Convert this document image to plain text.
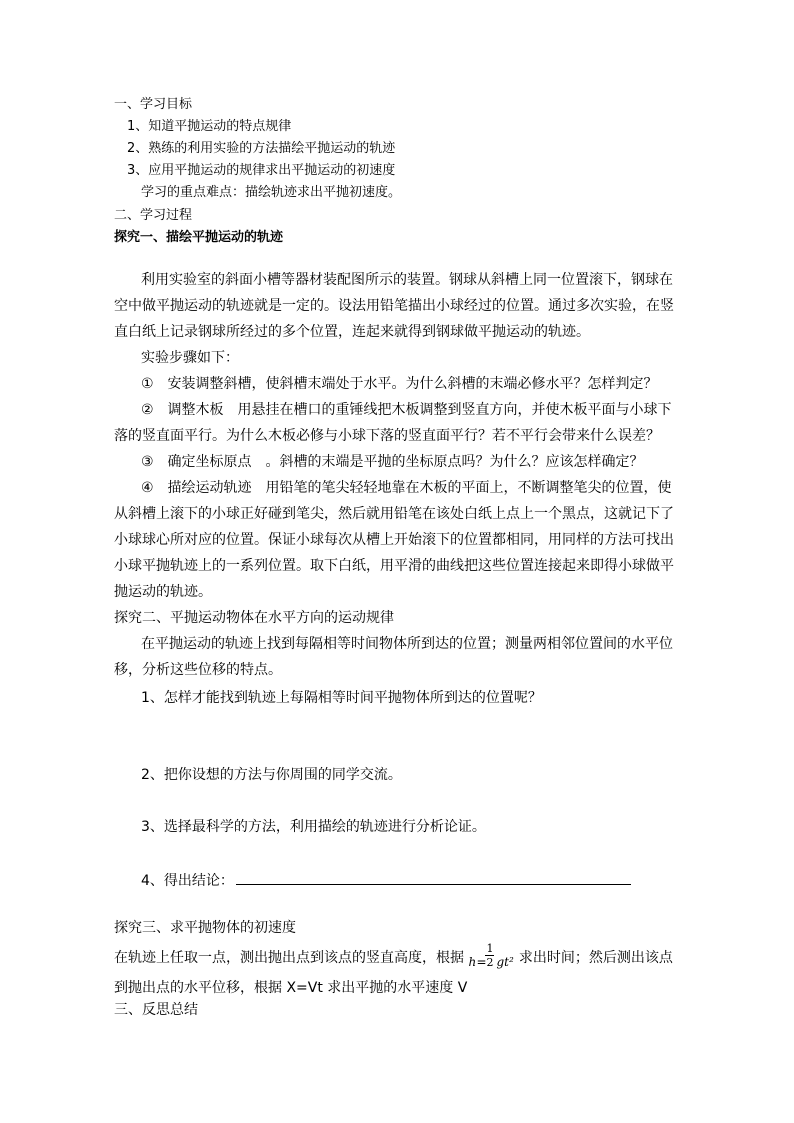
一、学习目标
1、知道平抛运动的特点规律
2、熟练的利用实验的方法描绘平抛运动的轨迹
3、应用平抛运动的规律求出平抛运动的初速度
学习的重点难点：描绘轨迹求出平抛初速度。
二、学习过程
探究一、描绘平抛运动的轨迹
利用实验室的斜面小槽等器材装配图所示的装置。钢球从斜槽上同一位置滚下，钢球在
空中做平抛运动的轨迹就是一定的。设法用铅笔描出小球经过的位置。通过多次实验，在竖
直白纸上记录钢球所经过的多个位置，连起来就得到钢球做平抛运动的轨迹。
实验步骤如下：
①　安装调整斜槽，使斜槽末端处于水平。为什么斜槽的末端必修水平？怎样判定？
②　调整木板　用悬挂在槽口的重锤线把木板调整到竖直方向，并使木板平面与小球下
落的竖直面平行。为什么木板必修与小球下落的竖直面平行？若不平行会带来什么误差？
③　确定坐标原点　。斜槽的末端是平抛的坐标原点吗？为什么？应该怎样确定？
④　描绘运动轨迹　用铅笔的笔尖轻轻地靠在木板的平面上，不断调整笔尖的位置，使
从斜槽上滚下的小球正好碰到笔尖，然后就用铅笔在该处白纸上点上一个黑点，这就记下了
小球球心所对应的位置。保证小球每次从槽上开始滚下的位置都相同，用同样的方法可找出
小球平抛轨迹上的一系列位置。取下白纸，用平滑的曲线把这些位置连接起来即得小球做平
抛运动的轨迹。
探究二、平抛运动物体在水平方向的运动规律
在平抛运动的轨迹上找到每隔相等时间物体所到达的位置；测量两相邻位置间的水平位
移，分析这些位移的特点。
1、怎样才能找到轨迹上每隔相等时间平抛物体所到达的位置呢？
2、把你设想的方法与你周围的同学交流。
3、选择最科学的方法，利用描绘的轨迹进行分析论证。
4、得出结论：
探究三、求平抛物体的初速度
在轨迹上任取一点，测出抛出点到该点的竖直高度，根据 h =
1
2 gt² 求出时间；然后测出该点
到抛出点的水平位移，根据 X=Vt 求出平抛的水平速度 V
三、反思总结
